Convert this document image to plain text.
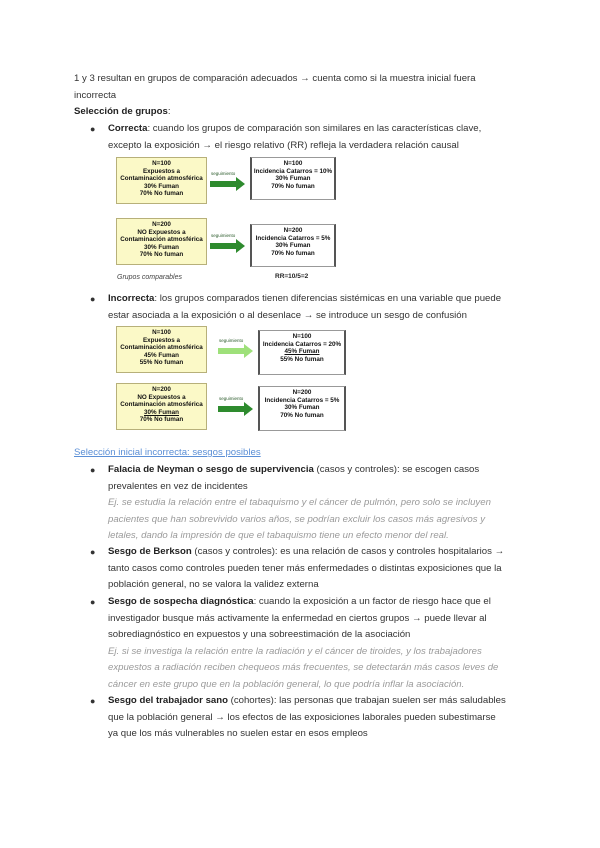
1 y 3 resultan en grupos de comparación adecuados → cuenta como si la muestra inicial fuera
incorrecta
Selección de grupos:
● Correcta: cuando los grupos de comparación son similares en las características clave,
excepto la exposición → el riesgo relativo (RR) refleja la verdadera relación causal
N=100
Expuestos a
Contaminación atmosférica
30% Fuman
70% No fuman
seguimiento
N=100
Incidencia Catarros = 10%
30% Fuman
70% No fuman
N=200
NO Expuestos a
Contaminación atmosférica
30% Fuman
70% No fuman
seguimiento
N=200
Incidencia Catarros = 5%
30% Fuman
70% No fuman
Grupos comparables	RR=10/5=2
● Incorrecta: los grupos comparados tienen diferencias sistémicas en una variable que puede
estar asociada a la exposición o al desenlace → se introduce un sesgo de confusión
N=100
Expuestos a
Contaminación atmosférica
45% Fuman
55% No fuman
seguimiento
N=100
Incidencia Catarros = 20%
45% Fuman
55% No fuman
N=200
NO Expuestos a
Contaminación atmosférica
30% Fuman
70% No fuman
seguimiento
N=200
Incidencia Catarros = 5%
30% Fuman
70% No fuman
Selección inicial incorrecta: sesgos posibles
● Falacia de Neyman o sesgo de supervivencia (casos y controles): se escogen casos
prevalentes en vez de incidentes
Ej. se estudia la relación entre el tabaquismo y el cáncer de pulmón, pero solo se incluyen
pacientes que han sobrevivido varios años, se podrían excluir los casos más agresivos y
letales, dando la impresión de que el tabaquismo tiene un efecto menor del real.
● Sesgo de Berkson (casos y controles): es una relación de casos y controles hospitalarios →
tanto casos como controles pueden tener más enfermedades o distintas exposiciones que la
población general, no se valora la validez externa
● Sesgo de sospecha diagnóstica: cuando la exposición a un factor de riesgo hace que el
investigador busque más activamente la enfermedad en ciertos grupos → puede llevar al
sobrediagnóstico en expuestos y una sobreestimación de la asociación
Ej. si se investiga la relación entre la radiación y el cáncer de tiroides, y los trabajadores
expuestos a radiación reciben chequeos más frecuentes, se detectarán más casos leves de
cáncer en este grupo que en la población general, lo que podría inflar la asociación.
● Sesgo del trabajador sano (cohortes): las personas que trabajan suelen ser más saludables
que la población general → los efectos de las exposiciones laborales pueden subestimarse
ya que los más vulnerables no suelen estar en esos empleos
